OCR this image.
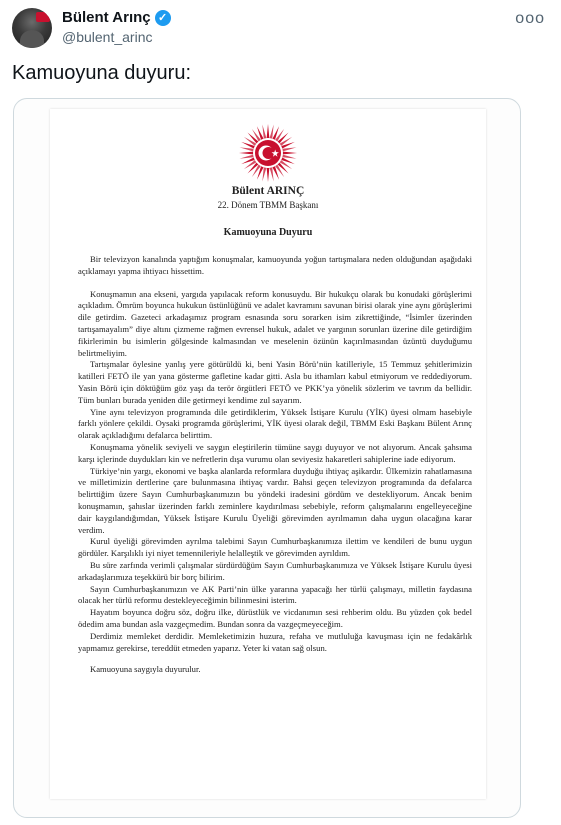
Bülent Arınç ✓
@bulent_arinc
ooo
Kamuoyuna duyuru:
Bülent ARINÇ
22. Dönem TBMM Başkanı
Kamuoyuna Duyuru

Bir televizyon kanalında yaptığım konuşmalar, kamuoyunda yoğun tartışmalara neden olduğundan aşağıdaki açıklamayı yapma ihtiyacı hissettim.

Konuşmamın ana ekseni, yargıda yapılacak reform konusuydu. Bir hukukçu olarak bu konudaki görüşlerimi açıkladım. Ömrüm boyunca hukukun üstünlüğünü ve adalet kavramını savunan birisi olarak yine aynı görüşlerimi dile getirdim. Gazeteci arkadaşımız program esnasında soru sorarken isim zikrettiğinde, “İsimler üzerinden tartışamayalım” diye altını çizmeme rağmen evrensel hukuk, adalet ve yargının sorunları üzerine dile getirdiğim fikirlerimin bu isimlerin gölgesinde kalmasından ve meselenin özünün kaçırılmasından üzüntü duyduğumu belirtmeliyim.

Tartışmalar öylesine yanlış yere götürüldü ki, beni Yasin Börü’nün katilleriyle, 15 Temmuz şehitlerimizin katilleri FETÖ ile yan yana gösterme gafletine kadar gitti. Asla bu ithamları kabul etmiyorum ve reddediyorum. Yasin Börü için döktüğüm göz yaşı da terör örgütleri FETÖ ve PKK’ya yönelik sözlerim ve tavrım da bellidir. Tüm bunları burada yeniden dile getirmeyi kendime zul sayarım.

Yine aynı televizyon programında dile getirdiklerim, Yüksek İstişare Kurulu (YİK) üyesi olmam hasebiyle farklı yönlere çekildi. Oysaki programda görüşlerimi, YİK üyesi olarak değil, TBMM Eski Başkanı Bülent Arınç olarak açıkladığımı defalarca belirttim.

Konuşmama yönelik seviyeli ve saygın eleştirilerin tümüne saygı duyuyor ve not alıyorum. Ancak şahsıma karşı içlerinde duydukları kin ve nefretlerin dışa vurumu olan seviyesiz hakaretleri sahiplerine iade ediyorum.

Türkiye’nin yargı, ekonomi ve başka alanlarda reformlara duyduğu ihtiyaç aşikardır. Ülkemizin rahatlamasına ve milletimizin dertlerine çare bulunmasına ihtiyaç vardır. Bahsi geçen televizyon programında da defalarca belirttiğim üzere Sayın Cumhurbaşkanımızın bu yöndeki iradesini gördüm ve destekliyorum. Ancak benim konuşmamın, şahıslar üzerinden farklı zeminlere kaydırılması sebebiyle, reform çalışmalarını engelleyeceğine dair kaygılandığımdan, Yüksek İstişare Kurulu Üyeliği görevimden ayrılmamın daha uygun olacağına karar verdim.

Kurul üyeliği görevimden ayrılma talebimi Sayın Cumhurbaşkanımıza ilettim ve kendileri de bunu uygun gördüler. Karşılıklı iyi niyet temennileriyle helalleştik ve görevimden ayrıldım.

Bu süre zarfında verimli çalışmalar sürdürdüğüm Sayın Cumhurbaşkanımıza ve Yüksek İstişare Kurulu üyesi arkadaşlarımıza teşekkürü bir borç bilirim.

Sayın Cumhurbaşkanımızın ve AK Parti’nin ülke yararına yapacağı her türlü çalışmayı, milletin faydasına olacak her türlü reformu destekleyeceğimin bilinmesini isterim.

Hayatım boyunca doğru söz, doğru ilke, dürüstlük ve vicdanımın sesi rehberim oldu. Bu yüzden çok bedel ödedim ama bundan asla vazgeçmedim. Bundan sonra da vazgeçmeyeceğim.

Derdimiz memleket derdidir. Memleketimizin huzura, refaha ve mutluluğa kavuşması için ne fedakârlık yapmamız gerekirse, tereddüt etmeden yaparız. Yeter ki vatan sağ olsun.

Kamuoyuna saygıyla duyurulur.
